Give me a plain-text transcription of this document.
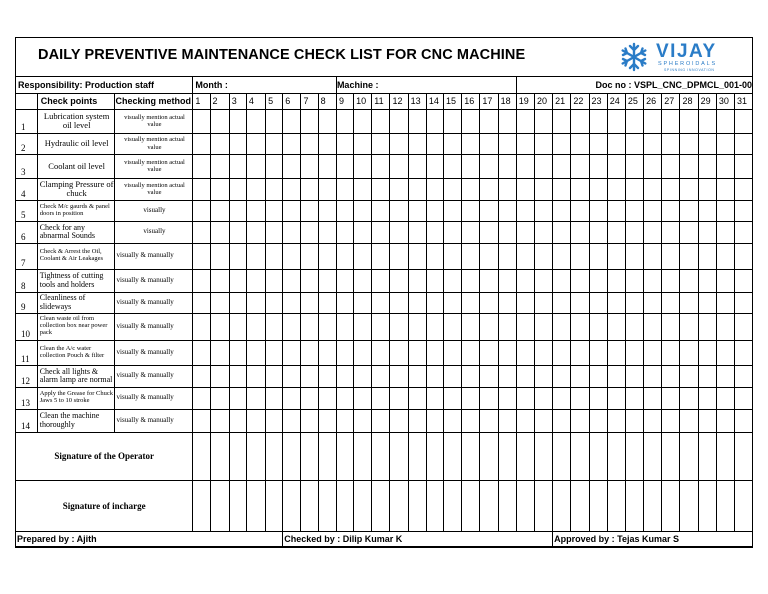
DAILY PREVENTIVE MAINTENANCE CHECK LIST FOR CNC MACHINE	VIJAY
SPHEROIDALS
SPINNING INNOVATION
Responsibility: Production staff			Month :								Machine :										Doc no : VSPL_CNC_DPMCL_001-00												
	Check points	Checking method	1	2	3	4	5	6	7	8	9	10	11	12	13	14	15	16	17	18	19	20	21	22	23	24	25	26	27	28	29	30	31
1	Lubrication system oil level	visually mention actual value																															
2	Hydraulic oil level	visually mention actual value																															
3	Coolant oil level	visually mention actual value																															
4	Clamping Pressure of chuck	visually mention actual value																															
5	Check M/c gaurds & panel doors in position	visually																															
6	Check for any abnarmal Sounds	visually																															
7	Check & Arrest the Oil, Coolant & Air Leakages	visually & manually																															
8	Tightness of cutting tools and holders	visually & manually																															
9	Cleanliness of slideways	visually & manually																															
10	Clean waste oil from collection box near power pack	visually & manually																															
11	Clean the A/c water collection Pouch & filter	visually & manually																															
12	Check all lights & alarm lamp are normal	visually & manually																															
13	Apply the Grease for Chuck Jaws 5 to 10 stroke	visually & manually																															
14	Clean the machine thoroughly	visually & manually																															
Signature of the Operator																																	
Signature of incharge																																	
Prepared by : Ajith								Checked by : Dilip Kumar K															Approved by : Tejas Kumar S										
